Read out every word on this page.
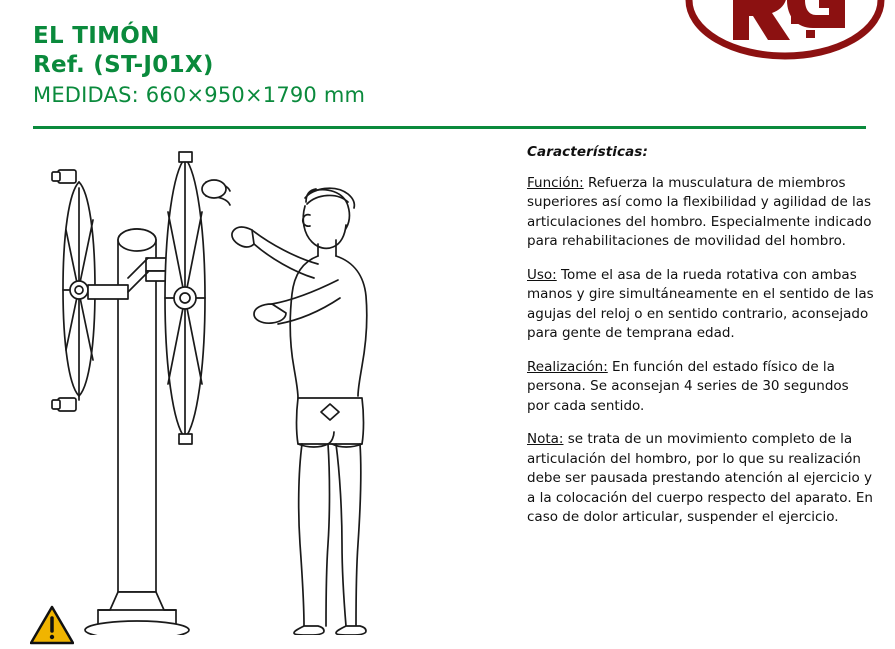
EL TIMÓN
Ref. (ST-J01X)
MEDIDAS: 660×950×1790 mm
Características:

Función: Refuerza la musculatura de miembros superiores así como la flexibilidad y agilidad de las articulaciones del hombro. Especialmente indicado para rehabilitaciones de movilidad del hombro.

Uso: Tome el asa de la rueda rotativa con ambas manos y gire simultáneamente en el sentido de las agujas del reloj o en sentido contrario, aconsejado para gente de temprana edad.

Realización: En función del estado físico de la persona. Se aconsejan 4 series de 30 segundos por cada sentido.

Nota: se trata de un movimiento completo de la articulación del hombro, por lo que su realización debe ser pausada prestando atención al ejercicio y a la colocación del cuerpo respecto del aparato. En caso de dolor articular, suspender el ejercicio.
